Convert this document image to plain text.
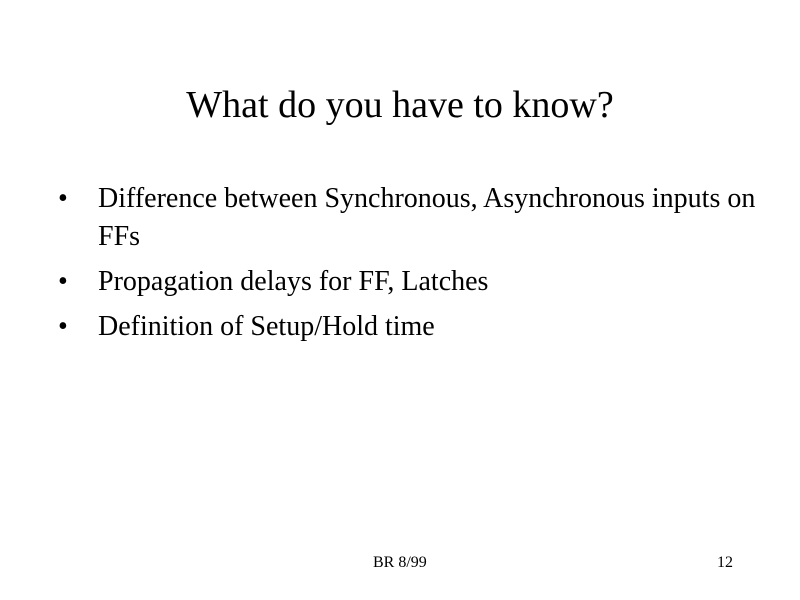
What do you have to know?
• Difference between Synchronous, Asynchronous inputs on FFs
• Propagation delays for FF, Latches
• Definition of Setup/Hold time
BR 8/99	12
